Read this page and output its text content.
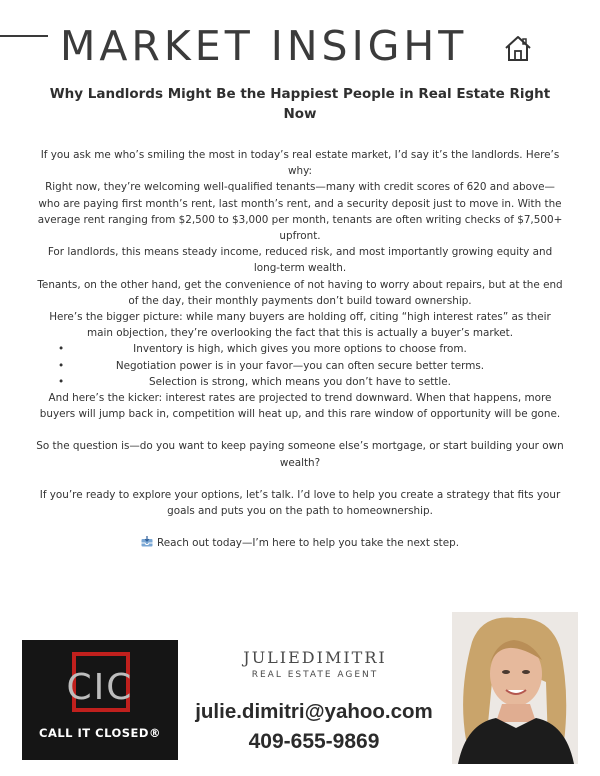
MARKET INSIGHT
Why Landlords Might Be the Happiest People in Real Estate Right Now

If you ask me who’s smiling the most in today’s real estate market, I’d say it’s the landlords. Here’s why:

Right now, they’re welcoming well-qualified tenants—many with credit scores of 620 and above—who are paying first month’s rent, last month’s rent, and a security deposit just to move in. With the average rent ranging from $2,500 to $3,000 per month, tenants are often writing checks of $7,500+ upfront.

For landlords, this means steady income, reduced risk, and most importantly growing equity and long-term wealth.

Tenants, on the other hand, get the convenience of not having to worry about repairs, but at the end of the day, their monthly payments don’t build toward ownership.

Here’s the bigger picture: while many buyers are holding off, citing “high interest rates” as their main objection, they’re overlooking the fact that this is actually a buyer’s market.

•	Inventory is high, which gives you more options to choose from.
•	Negotiation power is in your favor—you can often secure better terms.
•	Selection is strong, which means you don’t have to settle.

And here’s the kicker: interest rates are projected to trend downward. When that happens, more buyers will jump back in, competition will heat up, and this rare window of opportunity will be gone.

So the question is—do you want to keep paying someone else’s mortgage, or start building your own wealth?

If you’re ready to explore your options, let’s talk. I’d love to help you create a strategy that fits your goals and puts you on the path to homeownership.

Reach out today—I’m here to help you take the next step.

CIC
CALL IT CLOSED®
JULIEDIMITRI
REAL ESTATE AGENT
julie.dimitri@yahoo.com
409-655-9869
